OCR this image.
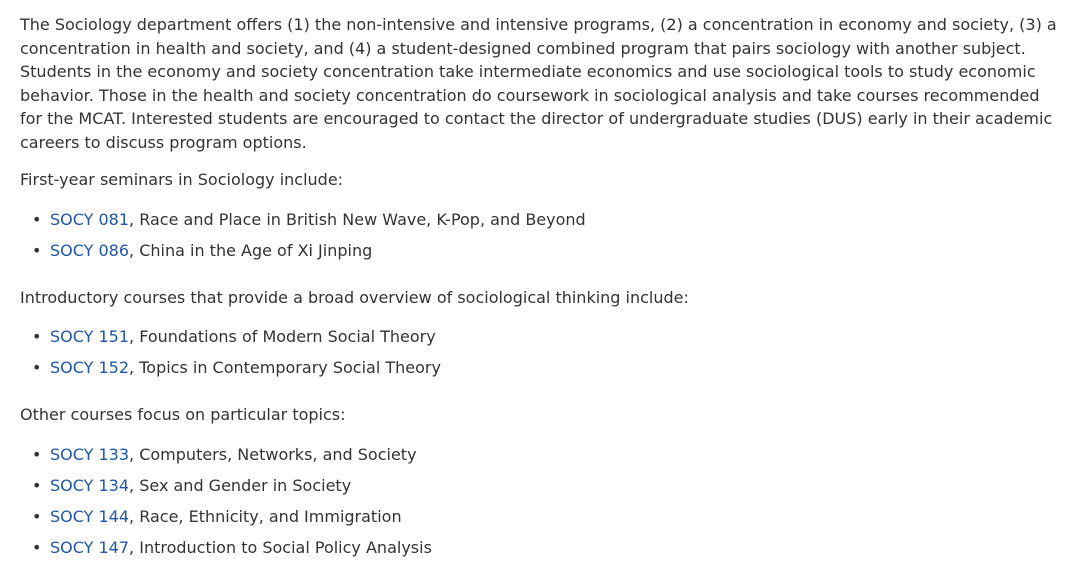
The Sociology department offers (1) the non-intensive and intensive programs, (2) a concentration in economy and society, (3) a concentration in health and society, and (4) a student-designed combined program that pairs sociology with another subject. Students in the economy and society concentration take intermediate economics and use sociological tools to study economic behavior. Those in the health and society concentration do coursework in sociological analysis and take courses recommended for the MCAT. Interested students are encouraged to contact the director of undergraduate studies (DUS) early in their academic careers to discuss program options.

First-year seminars in Sociology include:

• SOCY 081, Race and Place in British New Wave, K-Pop, and Beyond
• SOCY 086, China in the Age of Xi Jinping

Introductory courses that provide a broad overview of sociological thinking include:

• SOCY 151, Foundations of Modern Social Theory
• SOCY 152, Topics in Contemporary Social Theory

Other courses focus on particular topics:

• SOCY 133, Computers, Networks, and Society
• SOCY 134, Sex and Gender in Society
• SOCY 144, Race, Ethnicity, and Immigration
• SOCY 147, Introduction to Social Policy Analysis
